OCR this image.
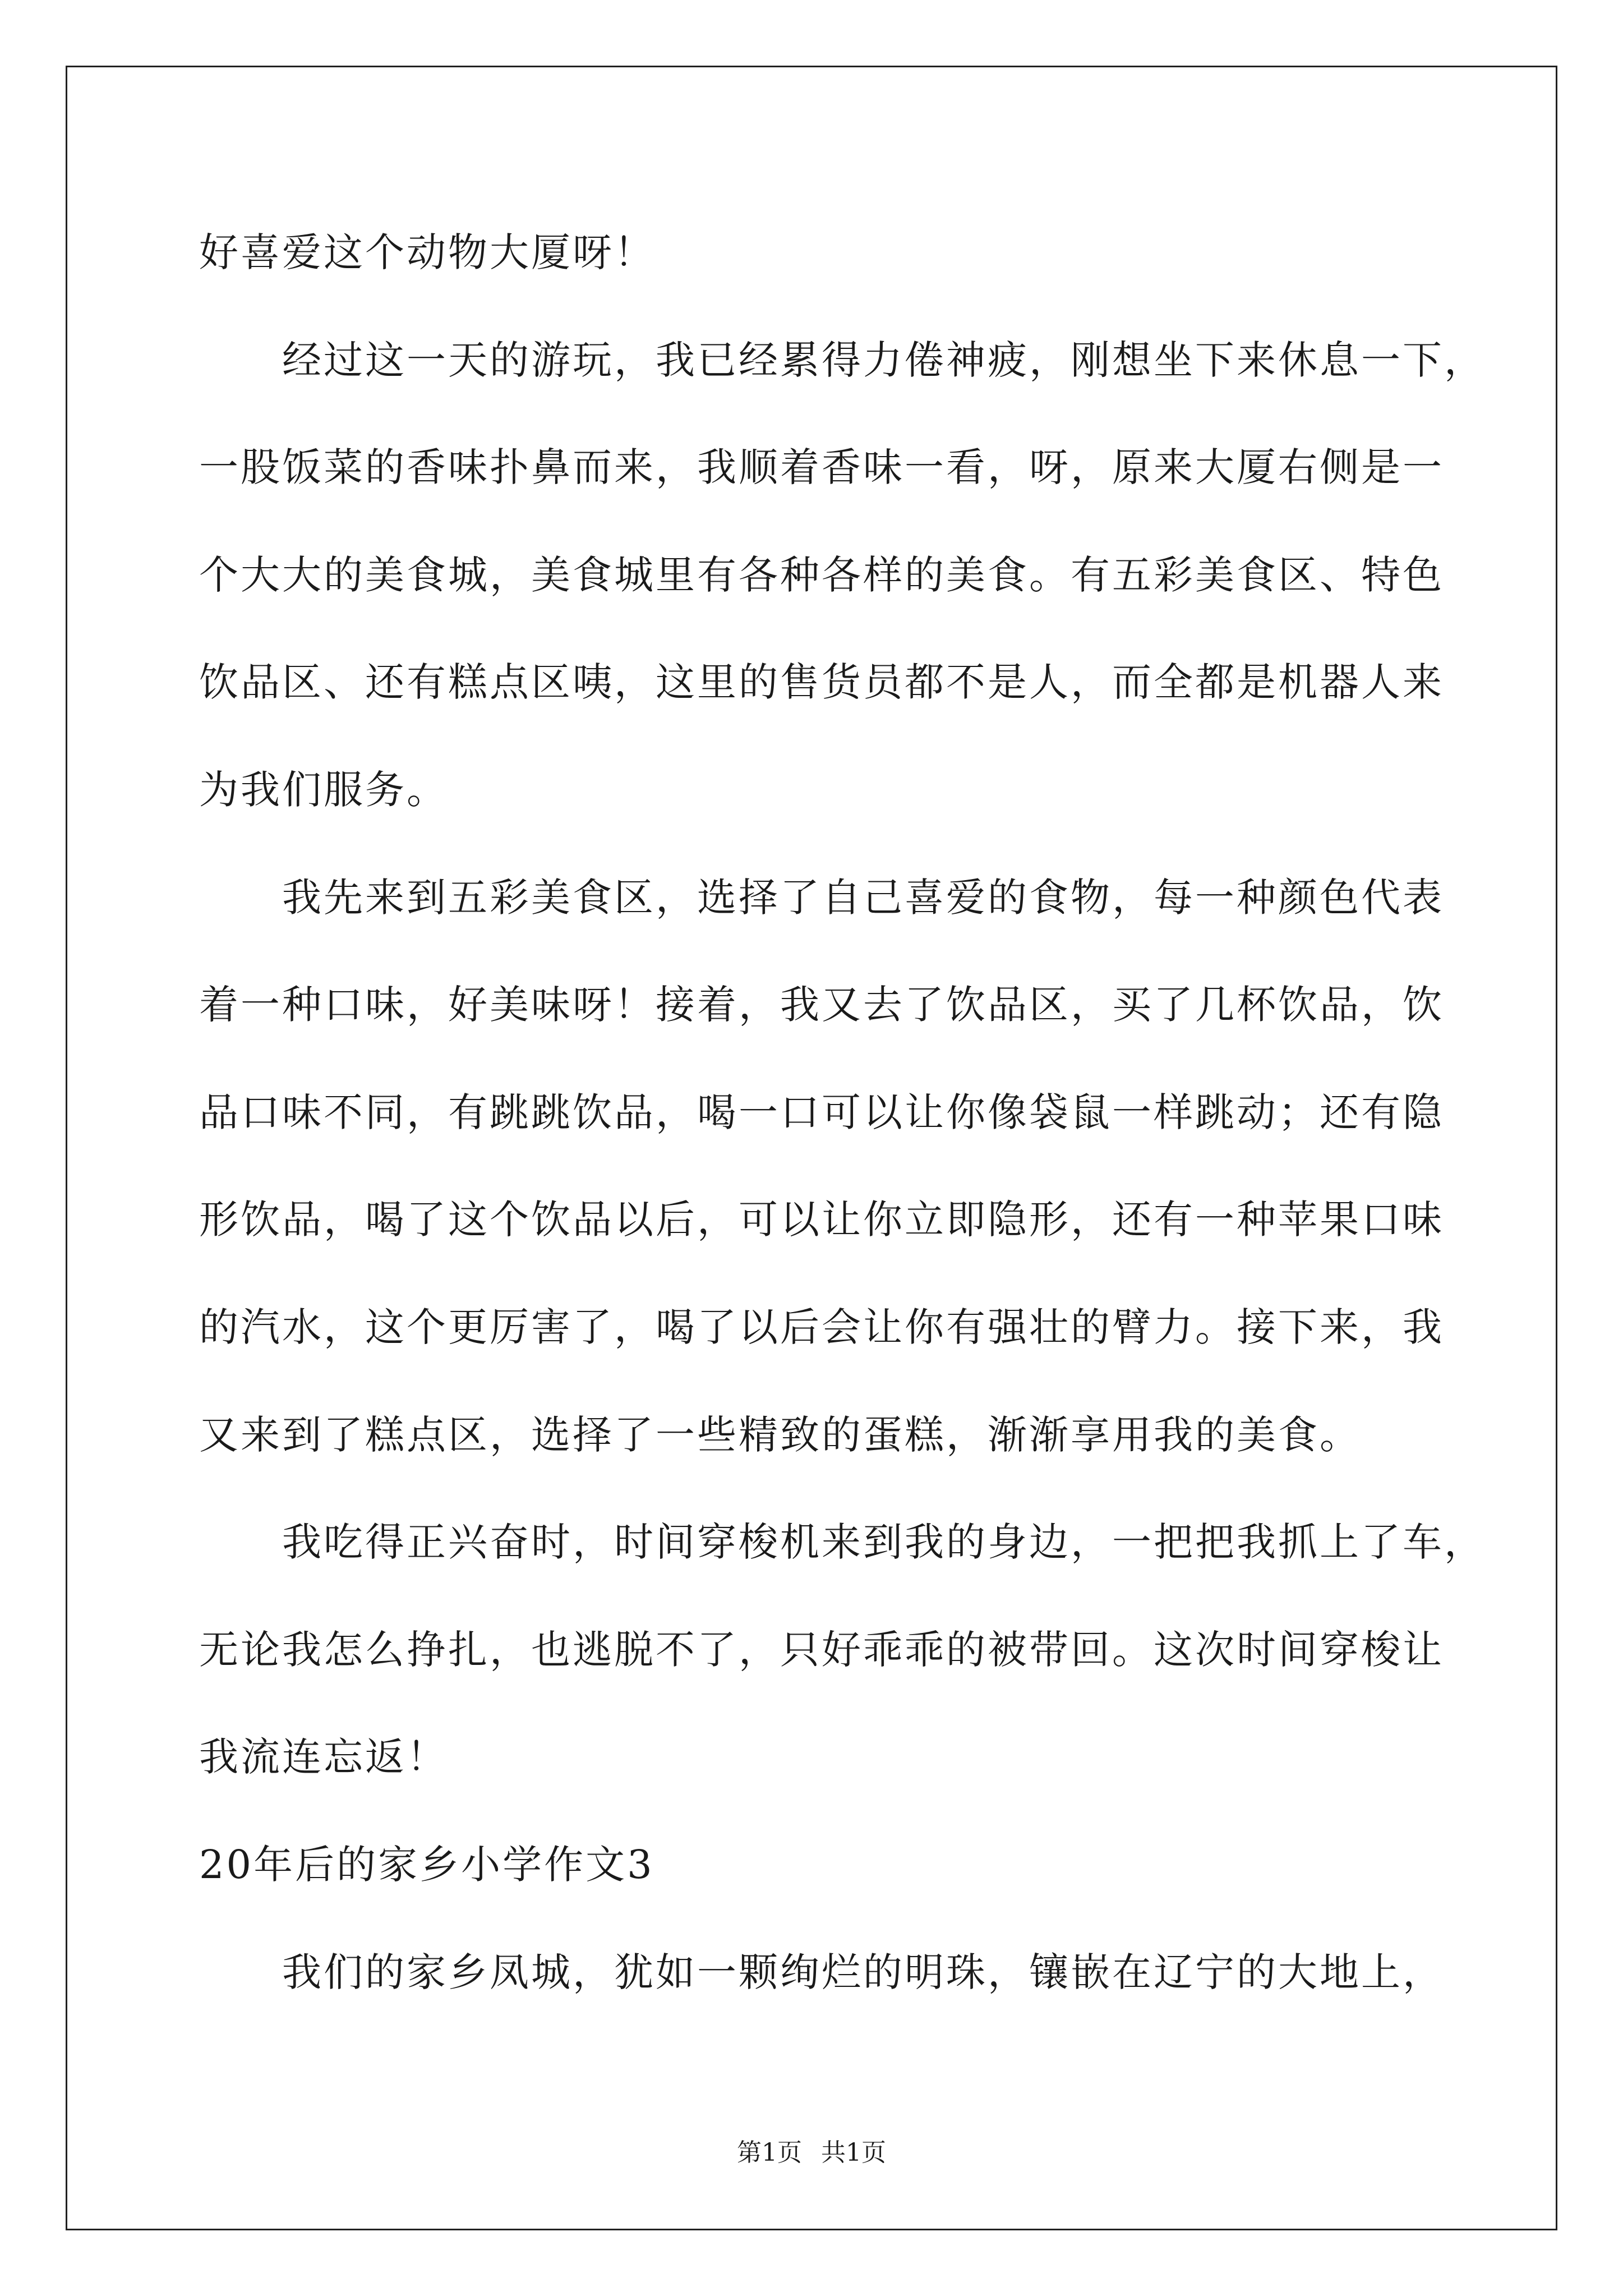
好喜爱这个动物大厦呀！
经过这一天的游玩，我已经累得力倦神疲，刚想坐下来休息一下，
一股饭菜的香味扑鼻而来，我顺着香味一看，呀，原来大厦右侧是一
个大大的美食城，美食城里有各种各样的美食。有五彩美食区、特色
饮品区、还有糕点区咦，这里的售货员都不是人，而全都是机器人来
为我们服务。
我先来到五彩美食区，选择了自己喜爱的食物，每一种颜色代表
着一种口味，好美味呀！接着，我又去了饮品区，买了几杯饮品，饮
品口味不同，有跳跳饮品，喝一口可以让你像袋鼠一样跳动；还有隐
形饮品，喝了这个饮品以后，可以让你立即隐形，还有一种苹果口味
的汽水，这个更厉害了，喝了以后会让你有强壮的臂力。接下来，我
又来到了糕点区，选择了一些精致的蛋糕，渐渐享用我的美食。
我吃得正兴奋时，时间穿梭机来到我的身边，一把把我抓上了车，
无论我怎么挣扎，也逃脱不了，只好乖乖的被带回。这次时间穿梭让
我流连忘返！
20年后的家乡小学作文3
我们的家乡凤城，犹如一颗绚烂的明珠，镶嵌在辽宁的大地上，
第1页 共1页
